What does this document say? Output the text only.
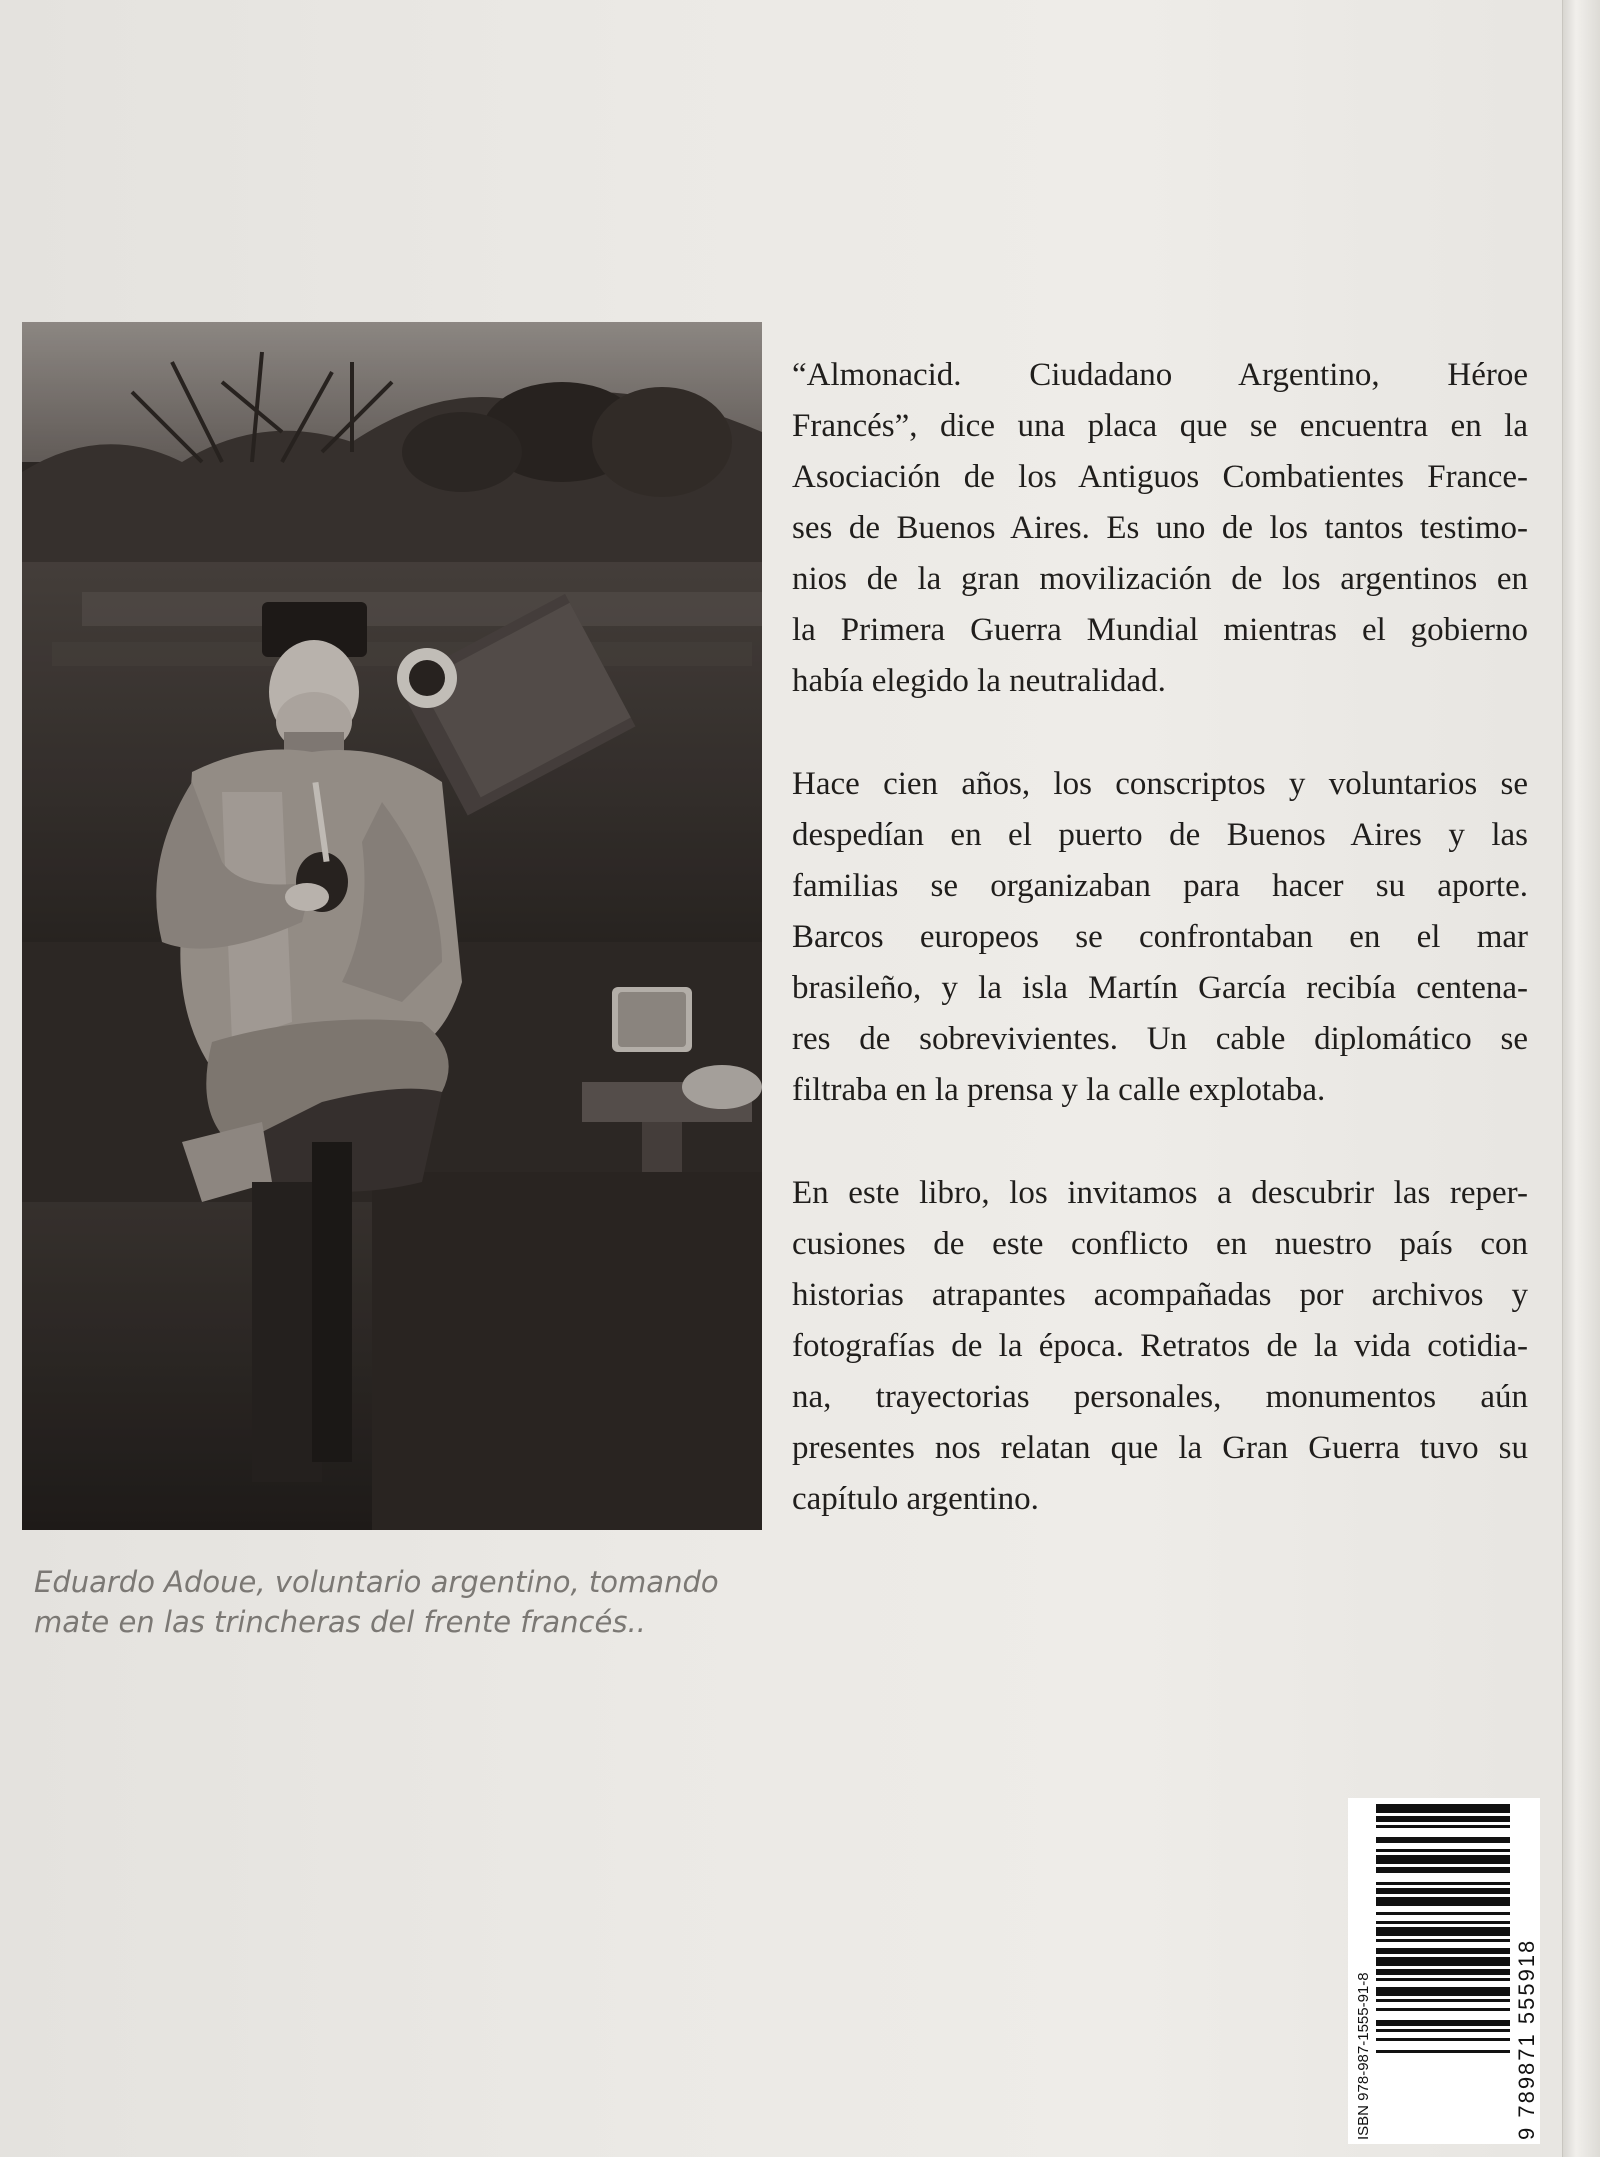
Eduardo Adoue, voluntario argentino, tomando
mate en las trincheras del frente francés..
“Almonacid. Ciudadano Argentino, Héroe
Francés”, dice una placa que se encuentra en la
Asociación de los Antiguos Combatientes France-
ses de Buenos Aires. Es uno de los tantos testimo-
nios de la gran movilización de los argentinos en
la Primera Guerra Mundial mientras el gobierno
había elegido la neutralidad.
Hace cien años, los conscriptos y voluntarios se
despedían en el puerto de Buenos Aires y las
familias se organizaban para hacer su aporte.
Barcos europeos se confrontaban en el mar
brasileño, y la isla Martín García recibía centena-
res de sobrevivientes. Un cable diplomático se
filtraba en la prensa y la calle explotaba.
En este libro, los invitamos a descubrir las reper-
cusiones de este conflicto en nuestro país con
historias atrapantes acompañadas por archivos y
fotografías de la época. Retratos de la vida cotidia-
na, trayectorias personales, monumentos aún
presentes nos relatan que la Gran Guerra tuvo su
capítulo argentino.
ISBN 978-987-1555-91-8	9 789871 555918
